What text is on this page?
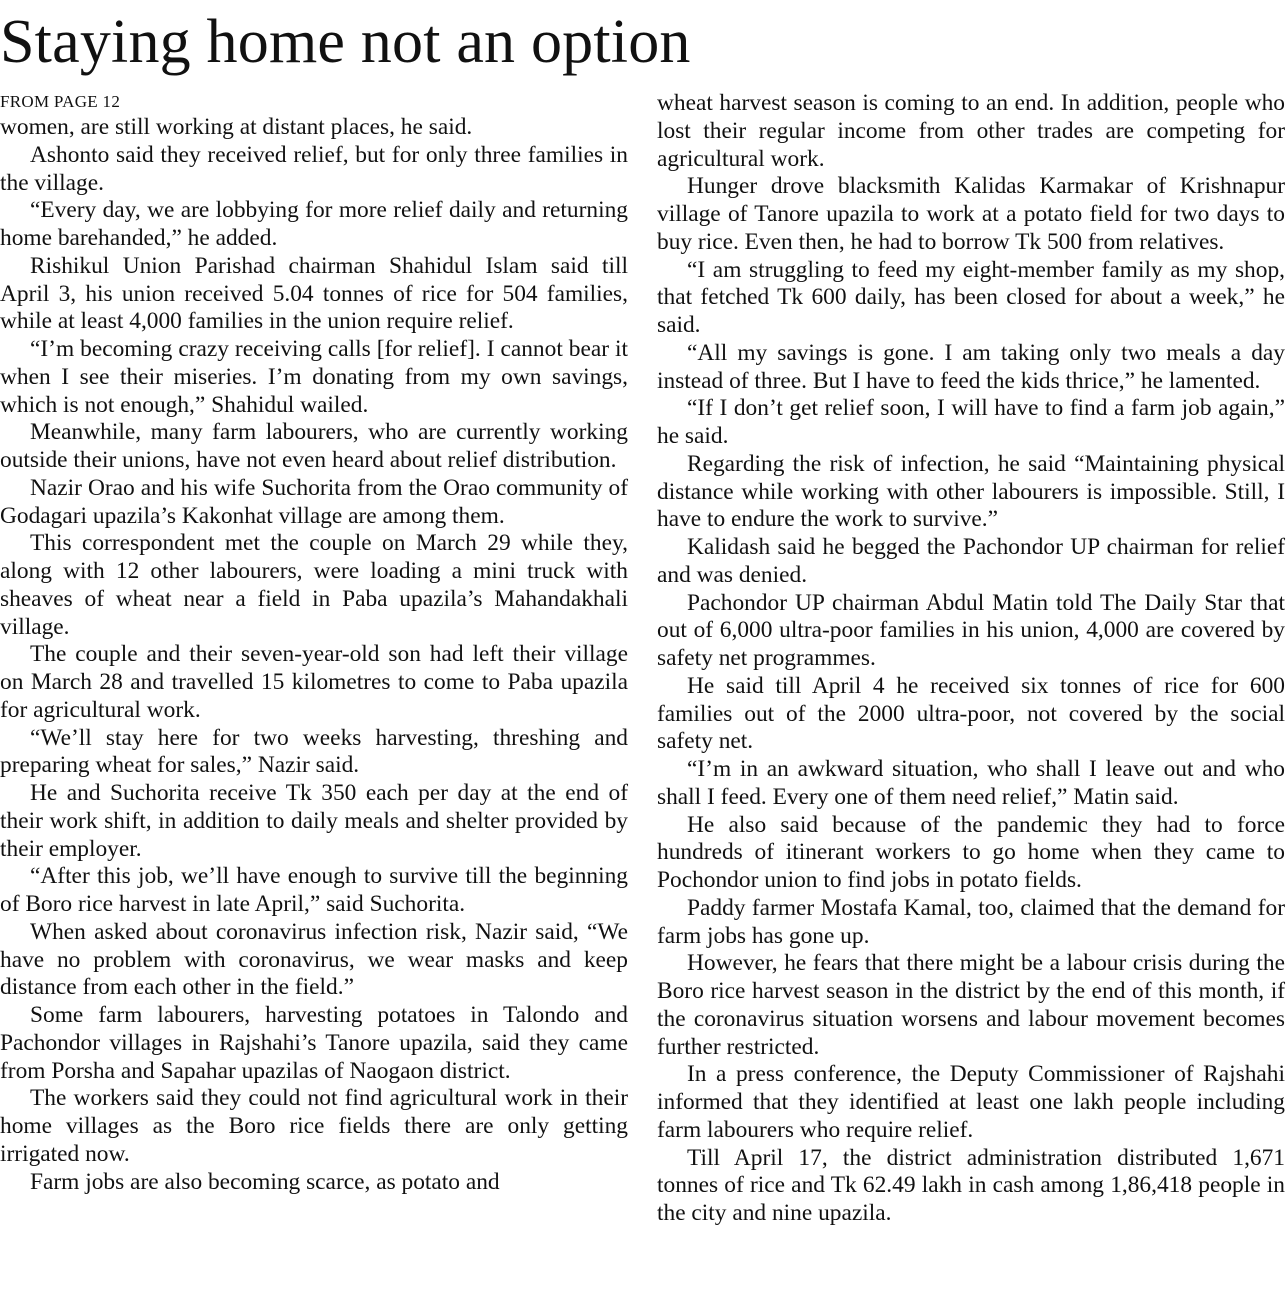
Staying home not an option
FROM PAGE 12

women, are still working at distant places, he said.

Ashonto said they received relief, but for only three families in the village.

“Every day, we are lobbying for more relief daily and returning home barehanded,” he added.

Rishikul Union Parishad chairman Shahidul Islam said till April 3, his union received 5.04 tonnes of rice for 504 families, while at least 4,000 families in the union require relief.

“I’m becoming crazy receiving calls [for relief]. I cannot bear it when I see their miseries. I’m donating from my own savings, which is not enough,” Shahidul wailed.

Meanwhile, many farm labourers, who are currently working outside their unions, have not even heard about relief distribution.

Nazir Orao and his wife Suchorita from the Orao community of Godagari upazila’s Kakonhat village are among them.

This correspondent met the couple on March 29 while they, along with 12 other labourers, were loading a mini truck with sheaves of wheat near a field in Paba upazila’s Mahandakhali village.

The couple and their seven-year-old son had left their village on March 28 and travelled 15 kilometres to come to Paba upazila for agricultural work.

“We’ll stay here for two weeks harvesting, threshing and preparing wheat for sales,” Nazir said.

He and Suchorita receive Tk 350 each per day at the end of their work shift, in addition to daily meals and shelter provided by their employer.

“After this job, we’ll have enough to survive till the beginning of Boro rice harvest in late April,” said Suchorita.

When asked about coronavirus infection risk, Nazir said, “We have no problem with coronavirus, we wear masks and keep distance from each other in the field.”

Some farm labourers, harvesting potatoes in Talondo and Pachondor villages in Rajshahi’s Tanore upazila, said they came from Porsha and Sapahar upazilas of Naogaon district.

The workers said they could not find agricultural work in their home villages as the Boro rice fields there are only getting irrigated now.

Farm jobs are also becoming scarce, as potato and

wheat harvest season is coming to an end. In addition, people who lost their regular income from other trades are competing for agricultural work.

Hunger drove blacksmith Kalidas Karmakar of Krishnapur village of Tanore upazila to work at a potato field for two days to buy rice. Even then, he had to borrow Tk 500 from relatives.

“I am struggling to feed my eight-member family as my shop, that fetched Tk 600 daily, has been closed for about a week,” he said.

“All my savings is gone. I am taking only two meals a day instead of three. But I have to feed the kids thrice,” he lamented.

“If I don’t get relief soon, I will have to find a farm job again,” he said.

Regarding the risk of infection, he said “Maintaining physical distance while working with other labourers is impossible. Still, I have to endure the work to survive.”

Kalidash said he begged the Pachondor UP chairman for relief and was denied.

Pachondor UP chairman Abdul Matin told The Daily Star that out of 6,000 ultra-poor families in his union, 4,000 are covered by safety net programmes.

He said till April 4 he received six tonnes of rice for 600 families out of the 2000 ultra-poor, not covered by the social safety net.

“I’m in an awkward situation, who shall I leave out and who shall I feed. Every one of them need relief,” Matin said.

He also said because of the pandemic they had to force hundreds of itinerant workers to go home when they came to Pochondor union to find jobs in potato fields.

Paddy farmer Mostafa Kamal, too, claimed that the demand for farm jobs has gone up.

However, he fears that there might be a labour crisis during the Boro rice harvest season in the district by the end of this month, if the coronavirus situation worsens and labour movement becomes further restricted.

In a press conference, the Deputy Commissioner of Rajshahi informed that they identified at least one lakh people including farm labourers who require relief.

Till April 17, the district administration distributed 1,671 tonnes of rice and Tk 62.49 lakh in cash among 1,86,418 people in the city and nine upazila.
